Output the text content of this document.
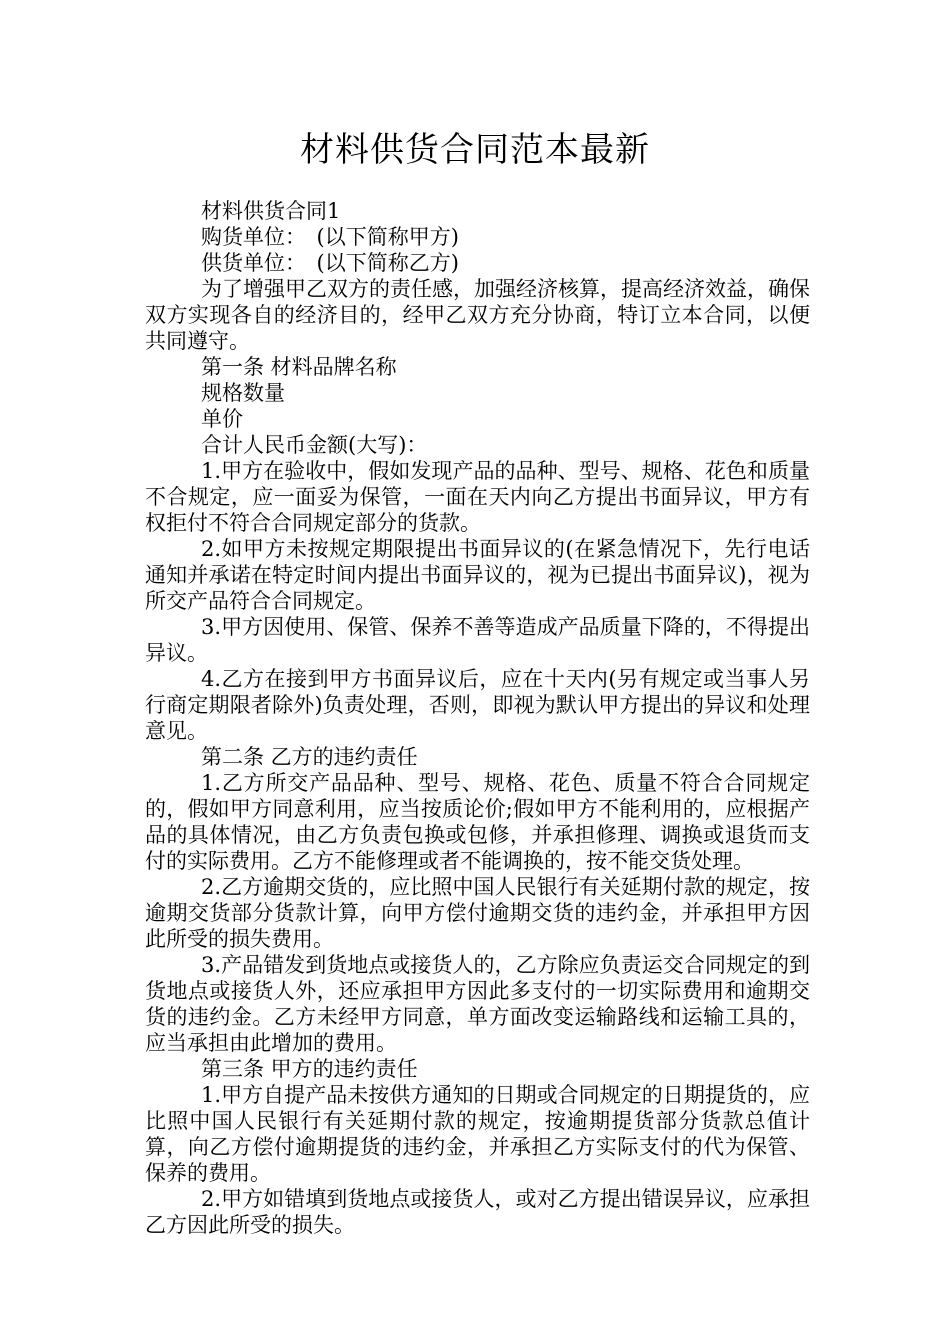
材料供货合同范本最新

材料供货合同1

购货单位：　(以下简称甲方)

供货单位：　(以下简称乙方)

为了增强甲乙双方的责任感，加强经济核算，提高经济效益，确保双方实现各自的经济目的，经甲乙双方充分协商，特订立本合同，以便共同遵守。

第一条 材料品牌名称

规格数量

单价

合计人民币金额(大写)：

1.甲方在验收中，假如发现产品的品种、型号、规格、花色和质量不合规定，应一面妥为保管，一面在天内向乙方提出书面异议，甲方有权拒付不符合合同规定部分的货款。

2.如甲方未按规定期限提出书面异议的(在紧急情况下，先行电话通知并承诺在特定时间内提出书面异议的，视为已提出书面异议)，视为所交产品符合合同规定。

3.甲方因使用、保管、保养不善等造成产品质量下降的，不得提出异议。

4.乙方在接到甲方书面异议后，应在十天内(另有规定或当事人另行商定期限者除外)负责处理，否则，即视为默认甲方提出的异议和处理意见。

第二条 乙方的违约责任

1.乙方所交产品品种、型号、规格、花色、质量不符合合同规定的，假如甲方同意利用，应当按质论价;假如甲方不能利用的，应根据产品的具体情况，由乙方负责包换或包修，并承担修理、调换或退货而支付的实际费用。乙方不能修理或者不能调换的，按不能交货处理。

2.乙方逾期交货的，应比照中国人民银行有关延期付款的规定，按逾期交货部分货款计算，向甲方偿付逾期交货的违约金，并承担甲方因此所受的损失费用。

3.产品错发到货地点或接货人的，乙方除应负责运交合同规定的到货地点或接货人外，还应承担甲方因此多支付的一切实际费用和逾期交货的违约金。乙方未经甲方同意，单方面改变运输路线和运输工具的，应当承担由此增加的费用。

第三条 甲方的违约责任

1.甲方自提产品未按供方通知的日期或合同规定的日期提货的，应比照中国人民银行有关延期付款的规定，按逾期提货部分货款总值计算，向乙方偿付逾期提货的违约金，并承担乙方实际支付的代为保管、保养的费用。

2.甲方如错填到货地点或接货人，或对乙方提出错误异议，应承担乙方因此所受的损失。
